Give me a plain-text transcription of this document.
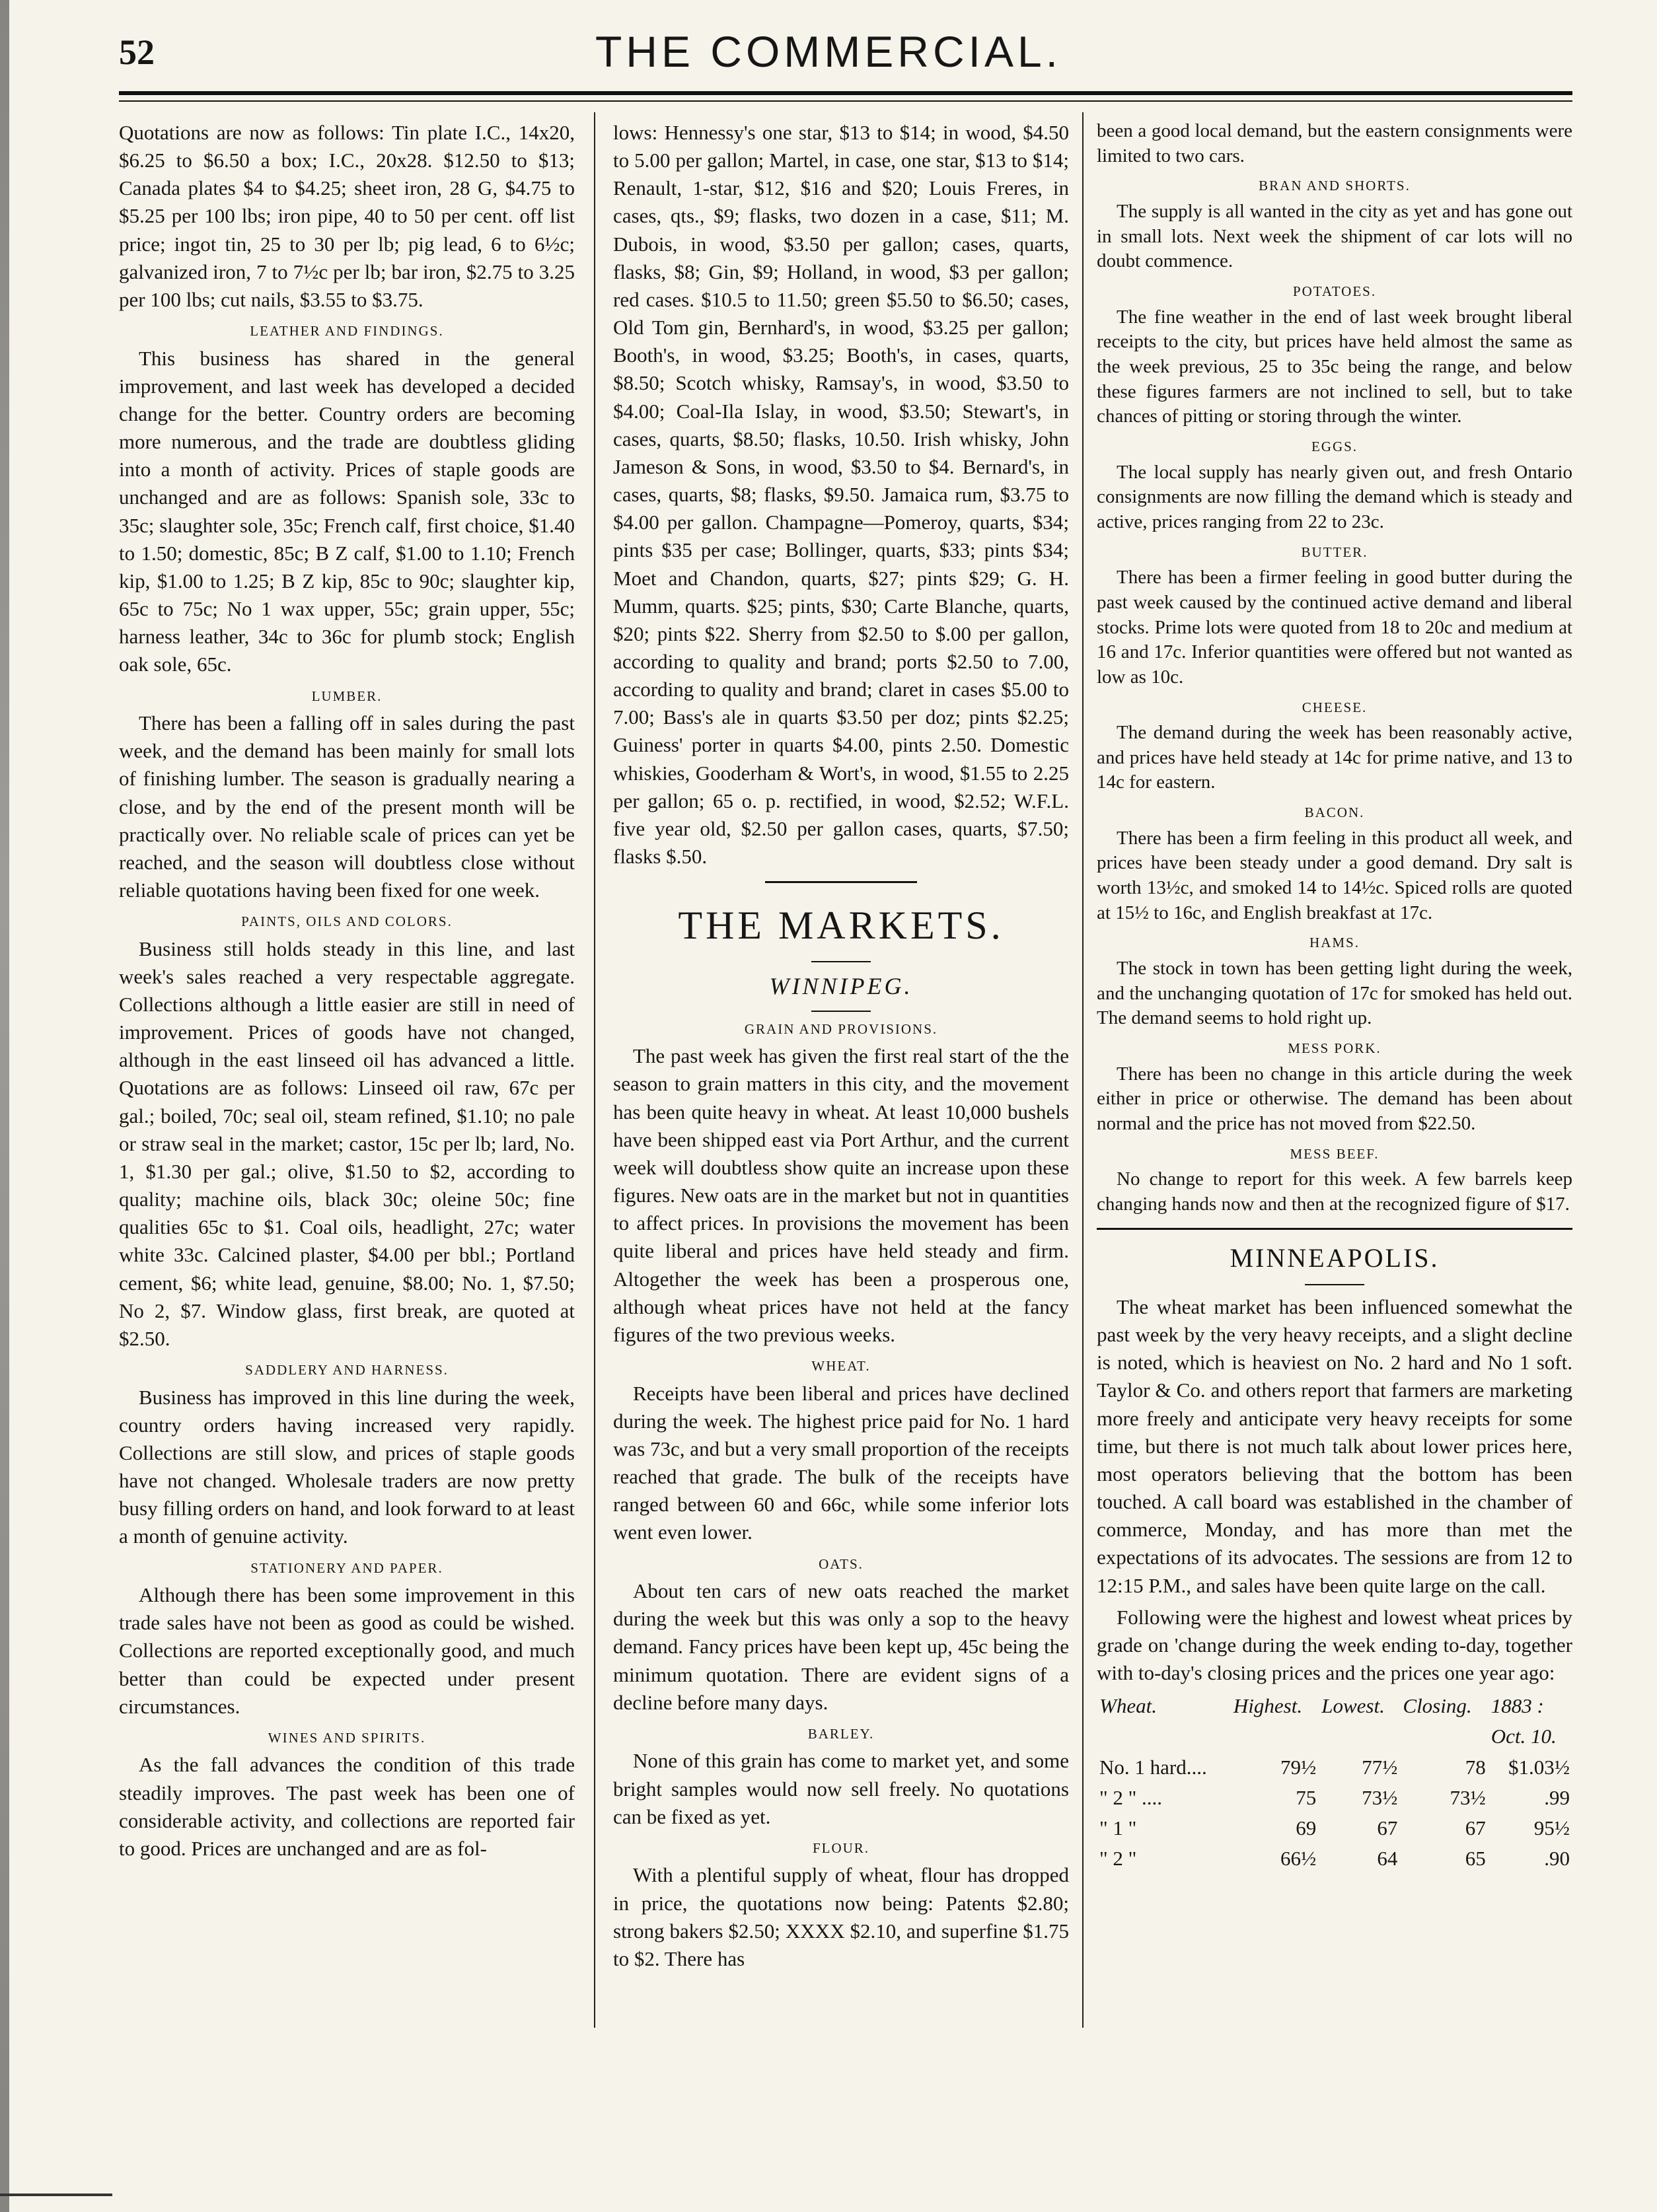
52	THE COMMERCIAL.

Quotations are now as follows: Tin plate I.C., 14x20, $6.25 to $6.50 a box; I.C., 20x28. $12.50 to $13; Canada plates $4 to $4.25; sheet iron, 28 G, $4.75 to $5.25 per 100 lbs; iron pipe, 40 to 50 per cent. off list price; ingot tin, 25 to 30 per lb; pig lead, 6 to 6½c; galvanized iron, 7 to 7½c per lb; bar iron, $2.75 to 3.25 per 100 lbs; cut nails, $3.55 to $3.75.

LEATHER AND FINDINGS.

This business has shared in the general improvement, and last week has developed a decided change for the better. Country orders are becoming more numerous, and the trade are doubtless gliding into a month of activity. Prices of staple goods are unchanged and are as follows: Spanish sole, 33c to 35c; slaughter sole, 35c; French calf, first choice, $1.40 to 1.50; domestic, 85c; B Z calf, $1.00 to 1.10; French kip, $1.00 to 1.25; B Z kip, 85c to 90c; slaughter kip, 65c to 75c; No 1 wax upper, 55c; grain upper, 55c; harness leather, 34c to 36c for plumb stock; English oak sole, 65c.

LUMBER.

There has been a falling off in sales during the past week, and the demand has been mainly for small lots of finishing lumber. The season is gradually nearing a close, and by the end of the present month will be practically over. No reliable scale of prices can yet be reached, and the season will doubtless close without reliable quotations having been fixed for one week.

PAINTS, OILS AND COLORS.

Business still holds steady in this line, and last week's sales reached a very respectable aggregate. Collections although a little easier are still in need of improvement. Prices of goods have not changed, although in the east linseed oil has advanced a little. Quotations are as follows: Linseed oil raw, 67c per gal.; boiled, 70c; seal oil, steam refined, $1.10; no pale or straw seal in the market; castor, 15c per lb; lard, No. 1, $1.30 per gal.; olive, $1.50 to $2, according to quality; machine oils, black 30c; oleine 50c; fine qualities 65c to $1. Coal oils, headlight, 27c; water white 33c. Calcined plaster, $4.00 per bbl.; Portland cement, $6; white lead, genuine, $8.00; No. 1, $7.50; No 2, $7. Window glass, first break, are quoted at $2.50.

SADDLERY AND HARNESS.

Business has improved in this line during the week, country orders having increased very rapidly. Collections are still slow, and prices of staple goods have not changed. Wholesale traders are now pretty busy filling orders on hand, and look forward to at least a month of genuine activity.

STATIONERY AND PAPER.

Although there has been some improvement in this trade sales have not been as good as could be wished. Collections are reported exceptionally good, and much better than could be expected under present circumstances.

WINES AND SPIRITS.

As the fall advances the condition of this trade steadily improves. The past week has been one of considerable activity, and collections are reported fair to good. Prices are unchanged and are as fol-

lows: Hennessy's one star, $13 to $14; in wood, $4.50 to 5.00 per gallon; Martel, in case, one star, $13 to $14; Renault, 1-star, $12, $16 and $20; Louis Freres, in cases, qts., $9; flasks, two dozen in a case, $11; M. Dubois, in wood, $3.50 per gallon; cases, quarts, flasks, $8; Gin, $9; Holland, in wood, $3 per gallon; red cases. $10.5 to 11.50; green $5.50 to $6.50; cases, Old Tom gin, Bernhard's, in wood, $3.25 per gallon; Booth's, in wood, $3.25; Booth's, in cases, quarts, $8.50; Scotch whisky, Ramsay's, in wood, $3.50 to $4.00; Coal-Ila Islay, in wood, $3.50; Stewart's, in cases, quarts, $8.50; flasks, 10.50. Irish whisky, John Jameson & Sons, in wood, $3.50 to $4. Bernard's, in cases, quarts, $8; flasks, $9.50. Jamaica rum, $3.75 to $4.00 per gallon. Champagne—Pomeroy, quarts, $34; pints $35 per case; Bollinger, quarts, $33; pints $34; Moet and Chandon, quarts, $27; pints $29; G. H. Mumm, quarts. $25; pints, $30; Carte Blanche, quarts, $20; pints $22. Sherry from $2.50 to $.00 per gallon, according to quality and brand; ports $2.50 to 7.00, according to quality and brand; claret in cases $5.00 to 7.00; Bass's ale in quarts $3.50 per doz; pints $2.25; Guiness' porter in quarts $4.00, pints 2.50. Domestic whiskies, Gooderham & Wort's, in wood, $1.55 to 2.25 per gallon; 65 o. p. rectified, in wood, $2.52; W.F.L. five year old, $2.50 per gallon cases, quarts, $7.50; flasks $.50.

THE MARKETS.
WINNIPEG.
GRAIN AND PROVISIONS.

The past week has given the first real start of the the season to grain matters in this city, and the movement has been quite heavy in wheat. At least 10,000 bushels have been shipped east via Port Arthur, and the current week will doubtless show quite an increase upon these figures. New oats are in the market but not in quantities to affect prices. In provisions the movement has been quite liberal and prices have held steady and firm. Altogether the week has been a prosperous one, although wheat prices have not held at the fancy figures of the two previous weeks.

WHEAT.

Receipts have been liberal and prices have declined during the week. The highest price paid for No. 1 hard was 73c, and but a very small proportion of the receipts reached that grade. The bulk of the receipts have ranged between 60 and 66c, while some inferior lots went even lower.

OATS.

About ten cars of new oats reached the market during the week but this was only a sop to the heavy demand. Fancy prices have been kept up, 45c being the minimum quotation. There are evident signs of a decline before many days.

BARLEY.

None of this grain has come to market yet, and some bright samples would now sell freely. No quotations can be fixed as yet.

FLOUR.

With a plentiful supply of wheat, flour has dropped in price, the quotations now being: Patents $2.80; strong bakers $2.50; XXXX $2.10, and superfine $1.75 to $2. There has

been a good local demand, but the eastern consignments were limited to two cars.

BRAN AND SHORTS.

The supply is all wanted in the city as yet and has gone out in small lots. Next week the shipment of car lots will no doubt commence.

POTATOES.

The fine weather in the end of last week brought liberal receipts to the city, but prices have held almost the same as the week previous, 25 to 35c being the range, and below these figures farmers are not inclined to sell, but to take chances of pitting or storing through the winter.

EGGS.

The local supply has nearly given out, and fresh Ontario consignments are now filling the demand which is steady and active, prices ranging from 22 to 23c.

BUTTER.

There has been a firmer feeling in good butter during the past week caused by the continued active demand and liberal stocks. Prime lots were quoted from 18 to 20c and medium at 16 and 17c. Inferior quantities were offered but not wanted as low as 10c.

CHEESE.

The demand during the week has been reasonably active, and prices have held steady at 14c for prime native, and 13 to 14c for eastern.

BACON.

There has been a firm feeling in this product all week, and prices have been steady under a good demand. Dry salt is worth 13½c, and smoked 14 to 14½c. Spiced rolls are quoted at 15½ to 16c, and English breakfast at 17c.

HAMS.

The stock in town has been getting light during the week, and the unchanging quotation of 17c for smoked has held out. The demand seems to hold right up.

MESS PORK.

There has been no change in this article during the week either in price or otherwise. The demand has been about normal and the price has not moved from $22.50.

MESS BEEF.

No change to report for this week. A few barrels keep changing hands now and then at the recognized figure of $17.

MINNEAPOLIS.

The wheat market has been influenced somewhat the past week by the very heavy receipts, and a slight decline is noted, which is heaviest on No. 2 hard and No 1 soft. Taylor & Co. and others report that farmers are marketing more freely and anticipate very heavy receipts for some time, but there is not much talk about lower prices here, most operators believing that the bottom has been touched. A call board was established in the chamber of commerce, Monday, and has more than met the expectations of its advocates. The sessions are from 12 to 12:15 P.M., and sales have been quite large on the call.

Following were the highest and lowest wheat prices by grade on 'change during the week ending to-day, together with to-day's closing prices and the prices one year ago:

Wheat.	Highest.	Lowest.	Closing.	1883 :
				Oct. 10.
No. 1 hard....	79½	77½	78	$1.03½
" 2 " ....	75	73½	73½	.99
" 1 "	69	67	67	95½
" 2 "	66½	64	65	.90
